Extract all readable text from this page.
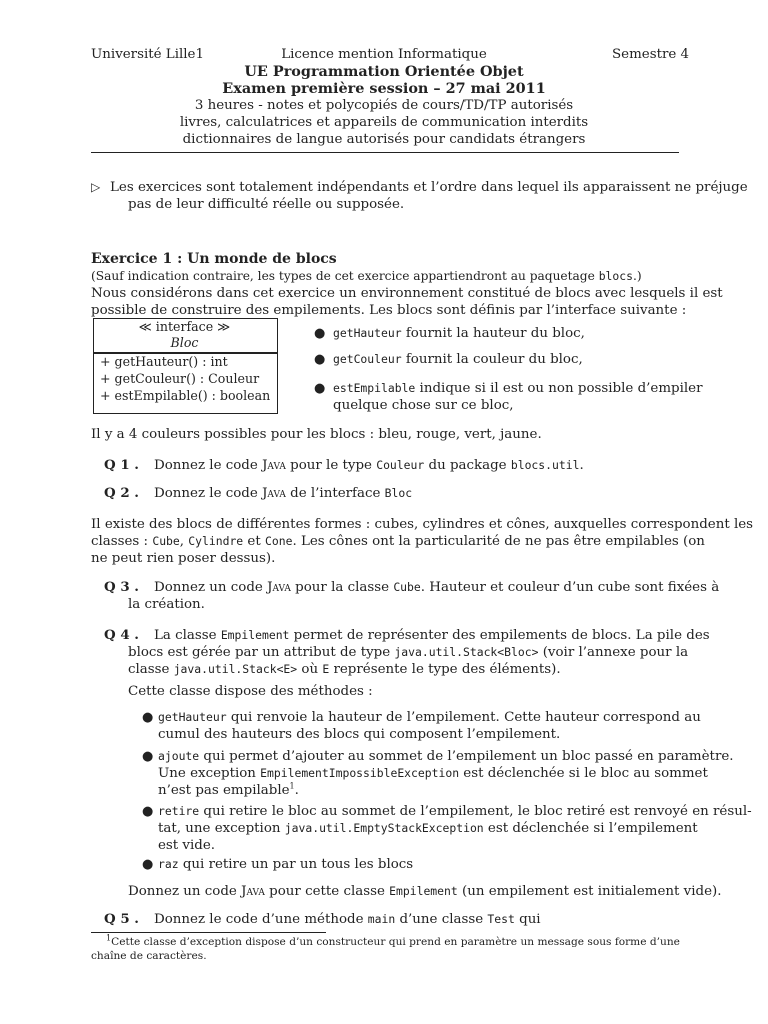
Université Lille1	Licence mention Informatique	Semestre 4
UE Programmation Orientée Objet
Examen première session – 27 mai 2011
3 heures - notes et polycopiés de cours/TD/TP autorisés
livres, calculatrices et appareils de communication interdits
dictionnaires de langue autorisés pour candidats étrangers
▷ Les exercices sont totalement indépendants et l’ordre dans lequel ils apparaissent ne préjuge
pas de leur difficulté réelle ou supposée.
Exercice 1 : Un monde de blocs
(Sauf indication contraire, les types de cet exercice appartiendront au paquetage blocs.)
Nous considérons dans cet exercice un environnement constitué de blocs avec lesquels il est
possible de construire des empilements. Les blocs sont définis par l’interface suivante :
≪ interface ≫
Bloc
+ getHauteur() : int
+ getCouleur() : Couleur
+ estEmpilable() : boolean
● getHauteur fournit la hauteur du bloc,
● getCouleur fournit la couleur du bloc,
● estEmpilable indique si il est ou non possible d’empiler
quelque chose sur ce bloc,
Il y a 4 couleurs possibles pour les blocs : bleu, rouge, vert, jaune.
Q 1 . Donnez le code Java pour le type Couleur du package blocs.util.
Q 2 . Donnez le code Java de l’interface Bloc
Il existe des blocs de différentes formes : cubes, cylindres et cônes, auxquelles correspondent les
classes : Cube, Cylindre et Cone. Les cônes ont la particularité de ne pas être empilables (on
ne peut rien poser dessus).
Q 3 . Donnez un code Java pour la classe Cube. Hauteur et couleur d’un cube sont fixées à
la création.
Q 4 . La classe Empilement permet de représenter des empilements de blocs. La pile des
blocs est gérée par un attribut de type java.util.Stack<Bloc> (voir l’annexe pour la
classe java.util.Stack<E> où E représente le type des éléments).
Cette classe dispose des méthodes :
● getHauteur qui renvoie la hauteur de l’empilement. Cette hauteur correspond au
cumul des hauteurs des blocs qui composent l’empilement.
● ajoute qui permet d’ajouter au sommet de l’empilement un bloc passé en paramètre.
Une exception EmpilementImpossibleException est déclenchée si le bloc au sommet
n’est pas empilable$^1$.
● retire qui retire le bloc au sommet de l’empilement, le bloc retiré est renvoyé en résul-
tat, une exception java.util.EmptyStackException est déclenchée si l’empilement
est vide.
● raz qui retire un par un tous les blocs
Donnez un code Java pour cette classe Empilement (un empilement est initialement vide).
Q 5 . Donnez le code d’une méthode main d’une classe Test qui
$^1$Cette classe d’exception dispose d’un constructeur qui prend en paramètre un message sous forme d’une
chaîne de caractères.
